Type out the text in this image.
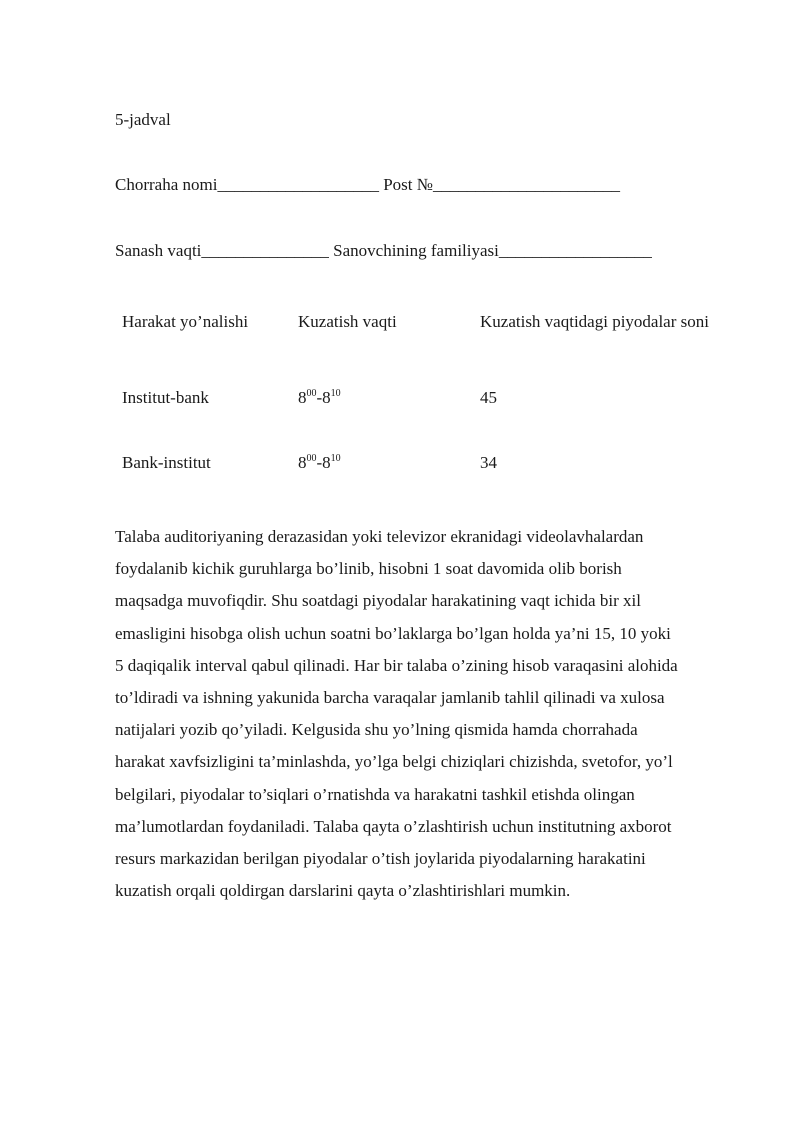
5-jadval
Chorraha nomi___________________ Post №______________________
Sanash vaqti_______________ Sanovchining familiyasi__________________
Harakat yo’nalishi	Kuzatish vaqti	Kuzatish vaqtidagi piyodalar soni
Institut-bank	$8^{00}-8^{10}$	45
Bank-institut	$8^{00}-8^{10}$	34
Talaba auditoriyaning derazasidan yoki televizor ekranidagi videolavhalardan
foydalanib kichik guruhlarga bo’linib, hisobni 1 soat davomida olib borish
maqsadga muvofiqdir. Shu soatdagi piyodalar harakatining vaqt ichida bir xil
emasligini hisobga olish uchun soatni bo’laklarga bo’lgan holda ya’ni 15, 10 yoki
5 daqiqalik interval qabul qilinadi. Har bir talaba o’zining hisob varaqasini alohida
to’ldiradi va ishning yakunida barcha varaqalar jamlanib tahlil qilinadi va xulosa
natijalari yozib qo’yiladi. Kelgusida shu yo’lning qismida hamda chorrahada
harakat xavfsizligini ta’minlashda, yo’lga belgi chiziqlari chizishda, svetofor, yo’l
belgilari, piyodalar to’siqlari o’rnatishda va harakatni tashkil etishda olingan
ma’lumotlardan foydaniladi. Talaba qayta o’zlashtirish uchun institutning axborot
resurs markazidan berilgan piyodalar o’tish joylarida piyodalarning harakatini
kuzatish orqali qoldirgan darslarini qayta o’zlashtirishlari mumkin.
